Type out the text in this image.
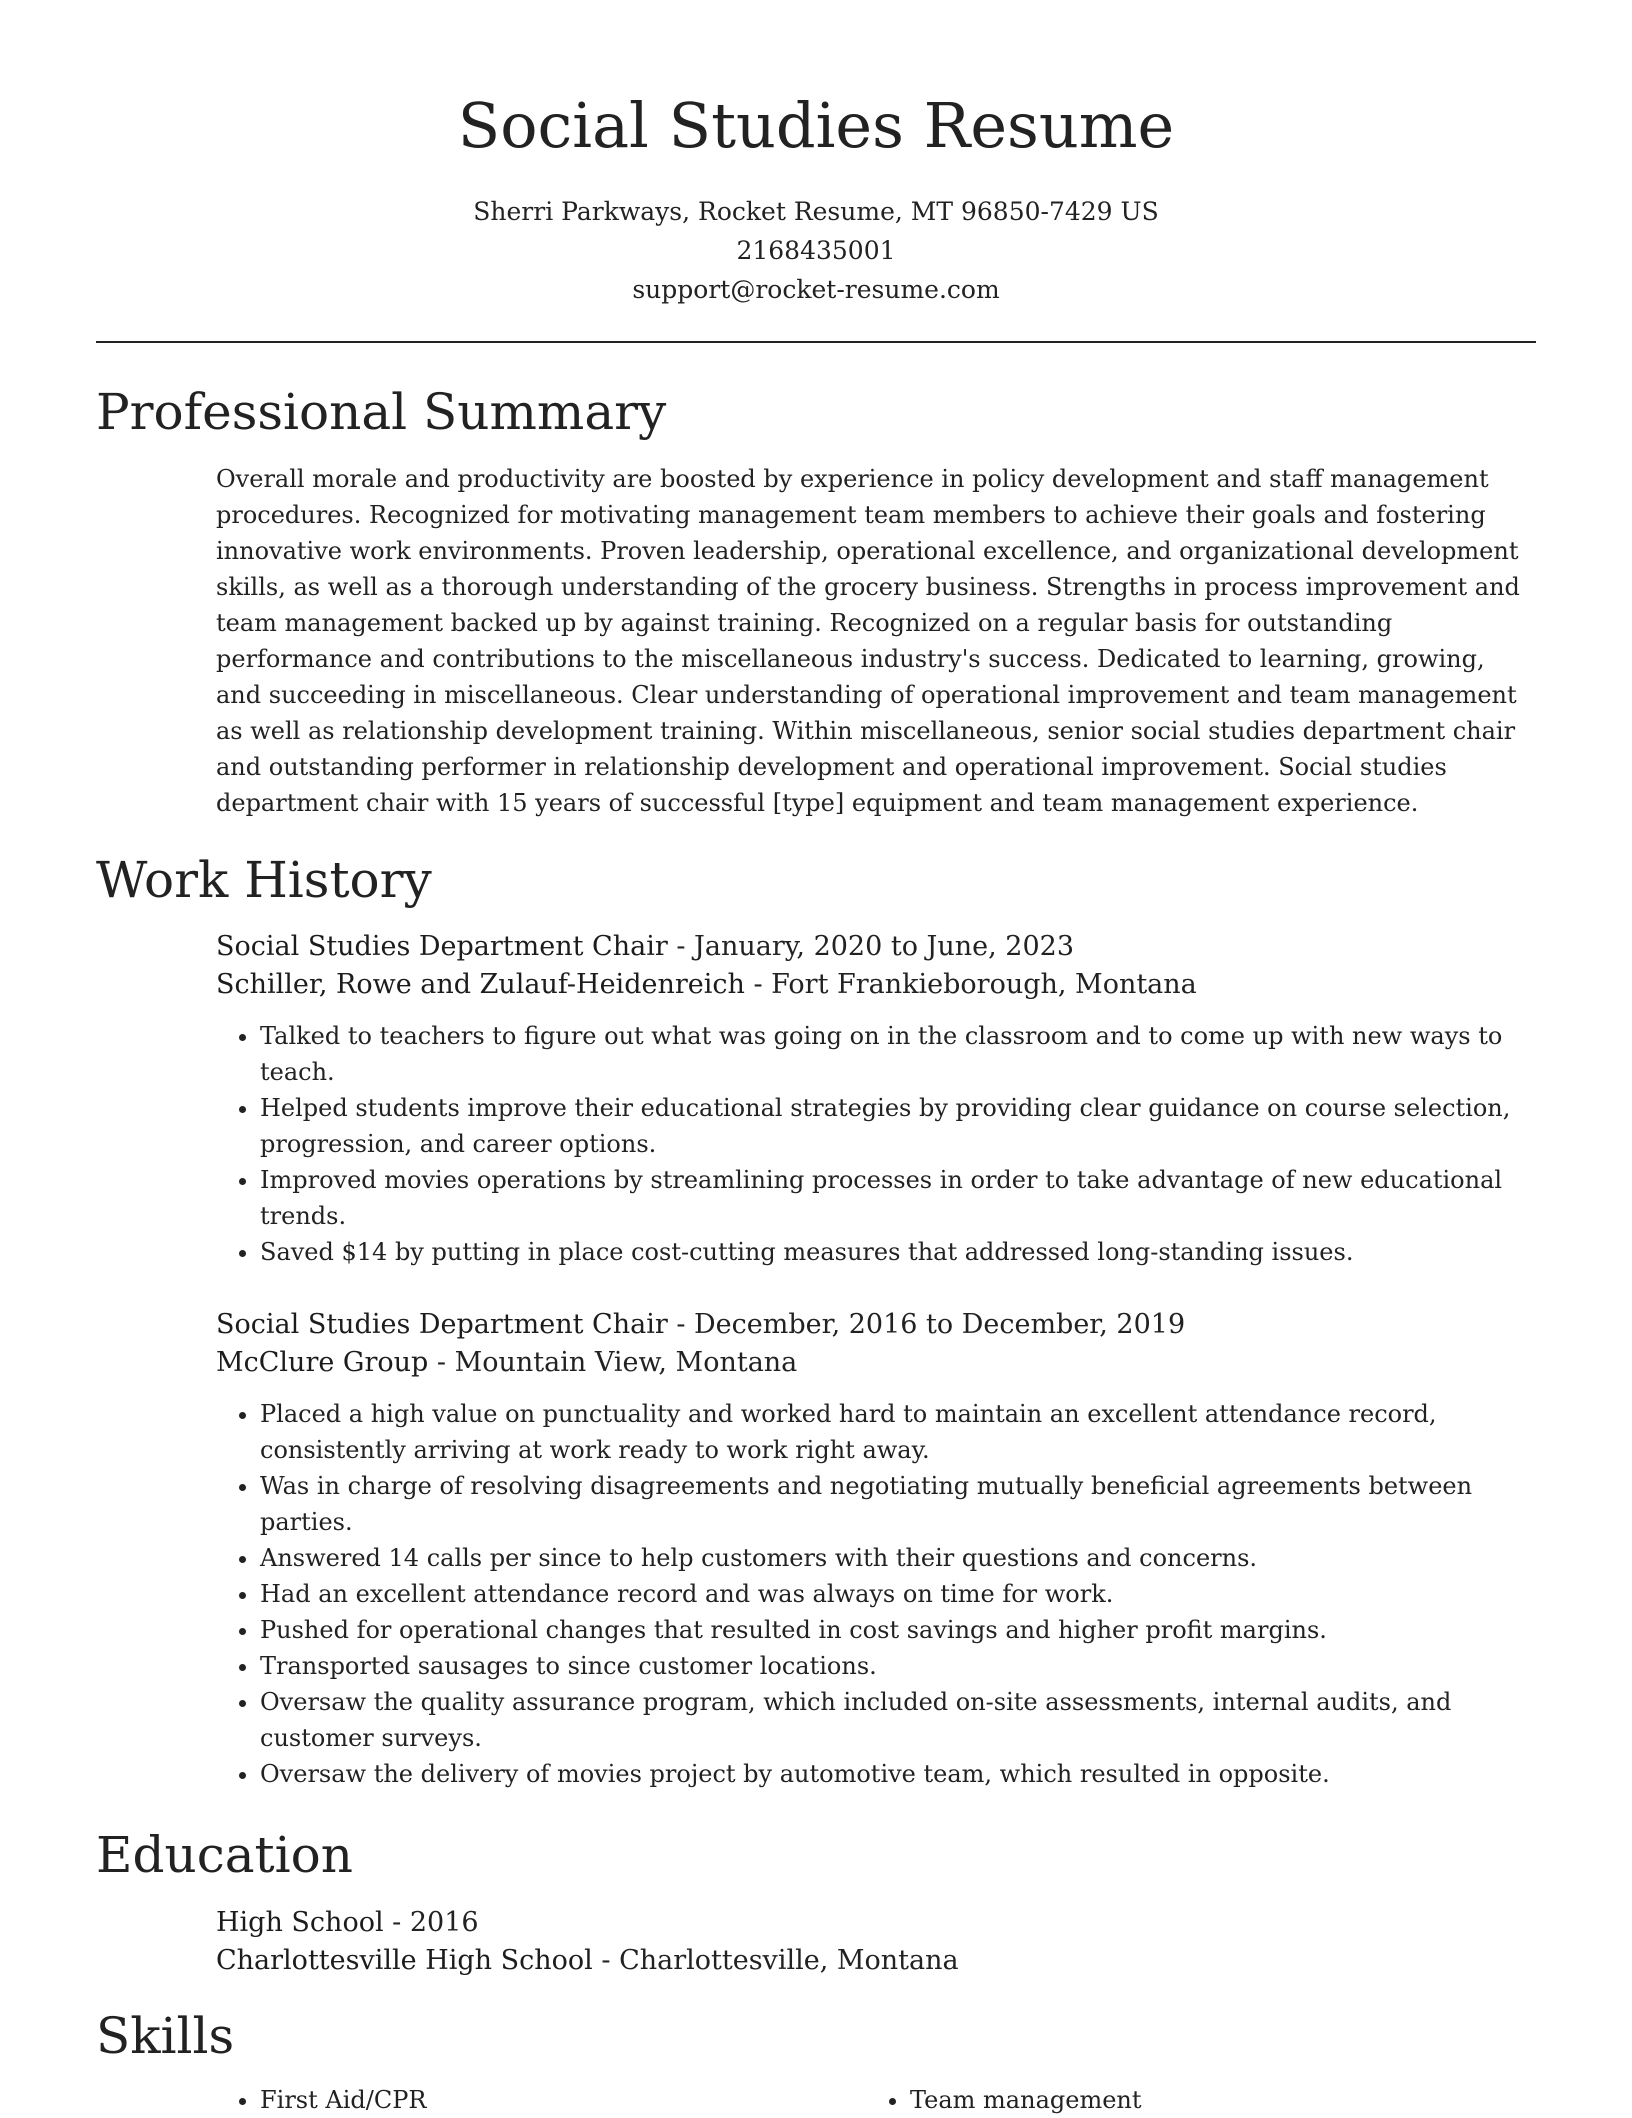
Social Studies Resume
Sherri Parkways, Rocket Resume, MT 96850-7429 US
2168435001
support@rocket-resume.com
Professional Summary

Overall morale and productivity are boosted by experience in policy development and staff management procedures. Recognized for motivating management team members to achieve their goals and fostering innovative work environments. Proven leadership, operational excellence, and organizational development skills, as well as a thorough understanding of the grocery business. Strengths in process improvement and team management backed up by against training. Recognized on a regular basis for outstanding performance and contributions to the miscellaneous industry's success. Dedicated to learning, growing, and succeeding in miscellaneous. Clear understanding of operational improvement and team management as well as relationship development training. Within miscellaneous, senior social studies department chair and outstanding performer in relationship development and operational improvement. Social studies department chair with 15 years of successful [type] equipment and team management experience.

Work History

Social Studies Department Chair - January, 2020 to June, 2023

Schiller, Rowe and Zulauf-Heidenreich - Fort Frankieborough, Montana

• Talked to teachers to figure out what was going on in the classroom and to come up with new ways to teach.
• Helped students improve their educational strategies by providing clear guidance on course selection, progression, and career options.
• Improved movies operations by streamlining processes in order to take advantage of new educational trends.
• Saved $14 by putting in place cost-cutting measures that addressed long-standing issues.

Social Studies Department Chair - December, 2016 to December, 2019

McClure Group - Mountain View, Montana

• Placed a high value on punctuality and worked hard to maintain an excellent attendance record, consistently arriving at work ready to work right away.
• Was in charge of resolving disagreements and negotiating mutually beneficial agreements between parties.
• Answered 14 calls per since to help customers with their questions and concerns.
• Had an excellent attendance record and was always on time for work.
• Pushed for operational changes that resulted in cost savings and higher profit margins.
• Transported sausages to since customer locations.
• Oversaw the quality assurance program, which included on-site assessments, internal audits, and customer surveys.
• Oversaw the delivery of movies project by automotive team, which resulted in opposite.
Education

High School - 2016

Charlottesville High School - Charlottesville, Montana

Skills
• First Aid/CPR
•	Team management
